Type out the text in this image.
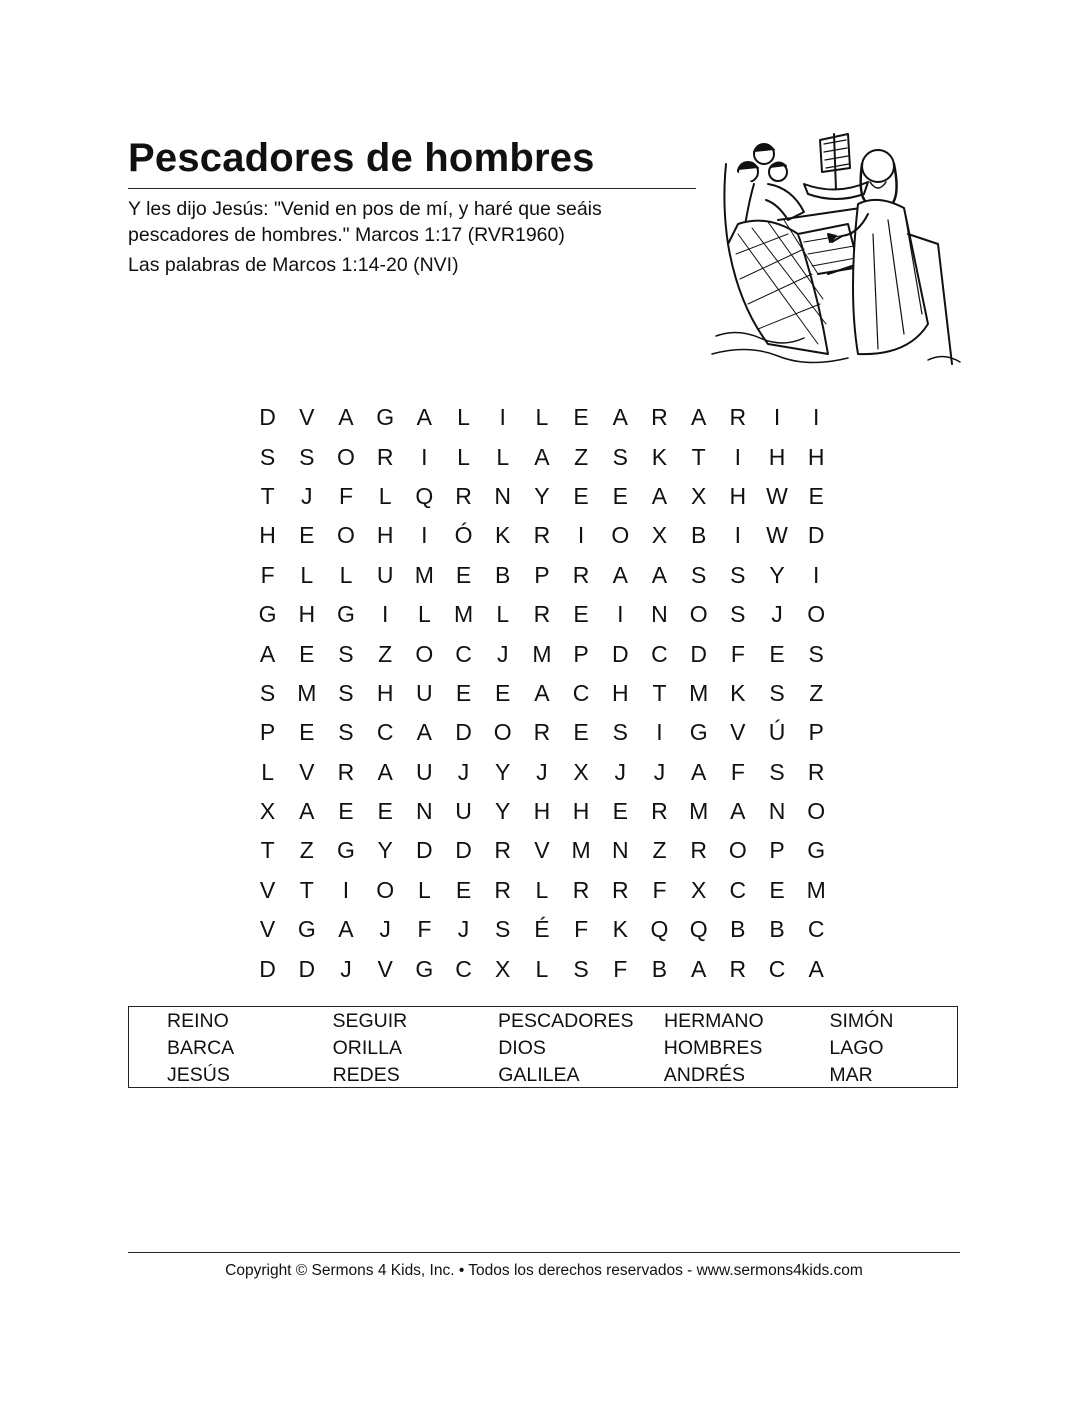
Pescadores de hombres

Y les dijo Jesús: "Venid en pos de mí, y haré que seáis

pescadores de hombres." Marcos 1:17 (RVR1960)

Las palabras de Marcos 1:14-20 (NVI)
D	V	A G A	L	I	L	E	A	R	A	R	I	I
S	S O R	I	L	L	A	Z	S	K	T	I	H H
T	J	F	L	Q R N	Y	E	E	A	X	H W E
H	E O H	I	Ó K	R	I	O X	B	I	W D
F	L	L	U M E	B	P	R	A	A	S	S	Y	I
G H G	I	L	M	L	R	E	I	N O S	J	O
A	E	S	Z	O C	J	M P	D C D	F	E	S
S M S	H U	E	E	A	C H	T M K	S	Z
P	E	S	C	A	D O R	E	S	I	G V	Ú	P
L	V	R	A	U	J	Y	J	X	J	J	A	F	S	R
X	A	E	E	N U	Y	H H	E	R M A	N O
T	Z	G Y	D D R	V M N	Z	R O P G
V	T	I	O	L	E	R	L	R R	F	X	C	E M
V G A	J	F	J	S	É	F	K Q Q B	B	C
D D	J	V G C	X	L	S	F	B	A	R C	A
REINO	SEGUIR	PESCADORES	HERMANO	SIMÓN
BARCA	ORILLA	DIOS	HOMBRES	LAGO
JESÚS	REDES	GALILEA	ANDRÉS	MAR
Copyright © Sermons 4 Kids, Inc. • Todos los derechos reservados - www.sermons4kids.com
